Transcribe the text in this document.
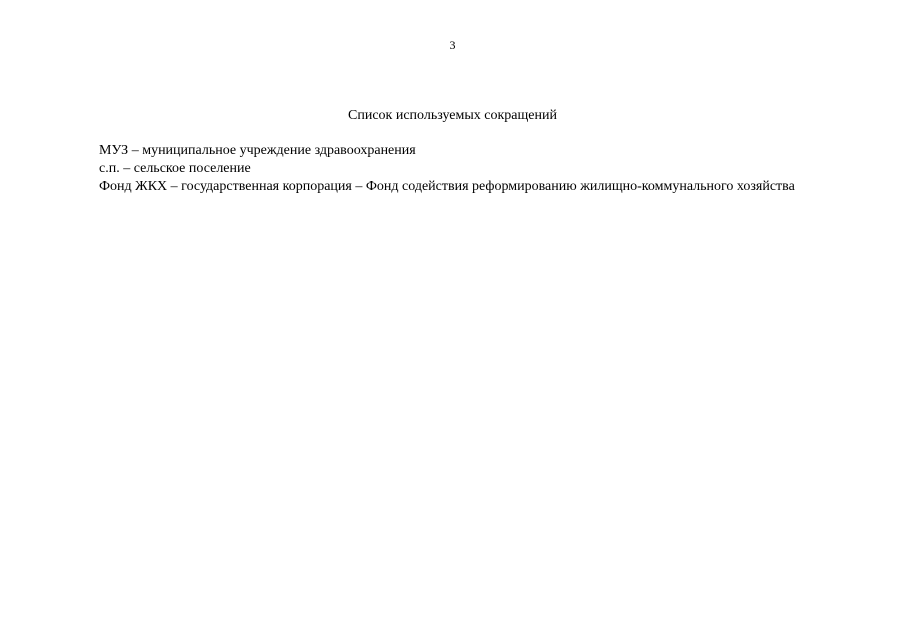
3
Список используемых сокращений

МУЗ – муниципальное учреждение здравоохранения

с.п. – сельское поселение

Фонд ЖКХ – государственная корпорация – Фонд содействия реформированию жилищно-коммунального хозяйства
